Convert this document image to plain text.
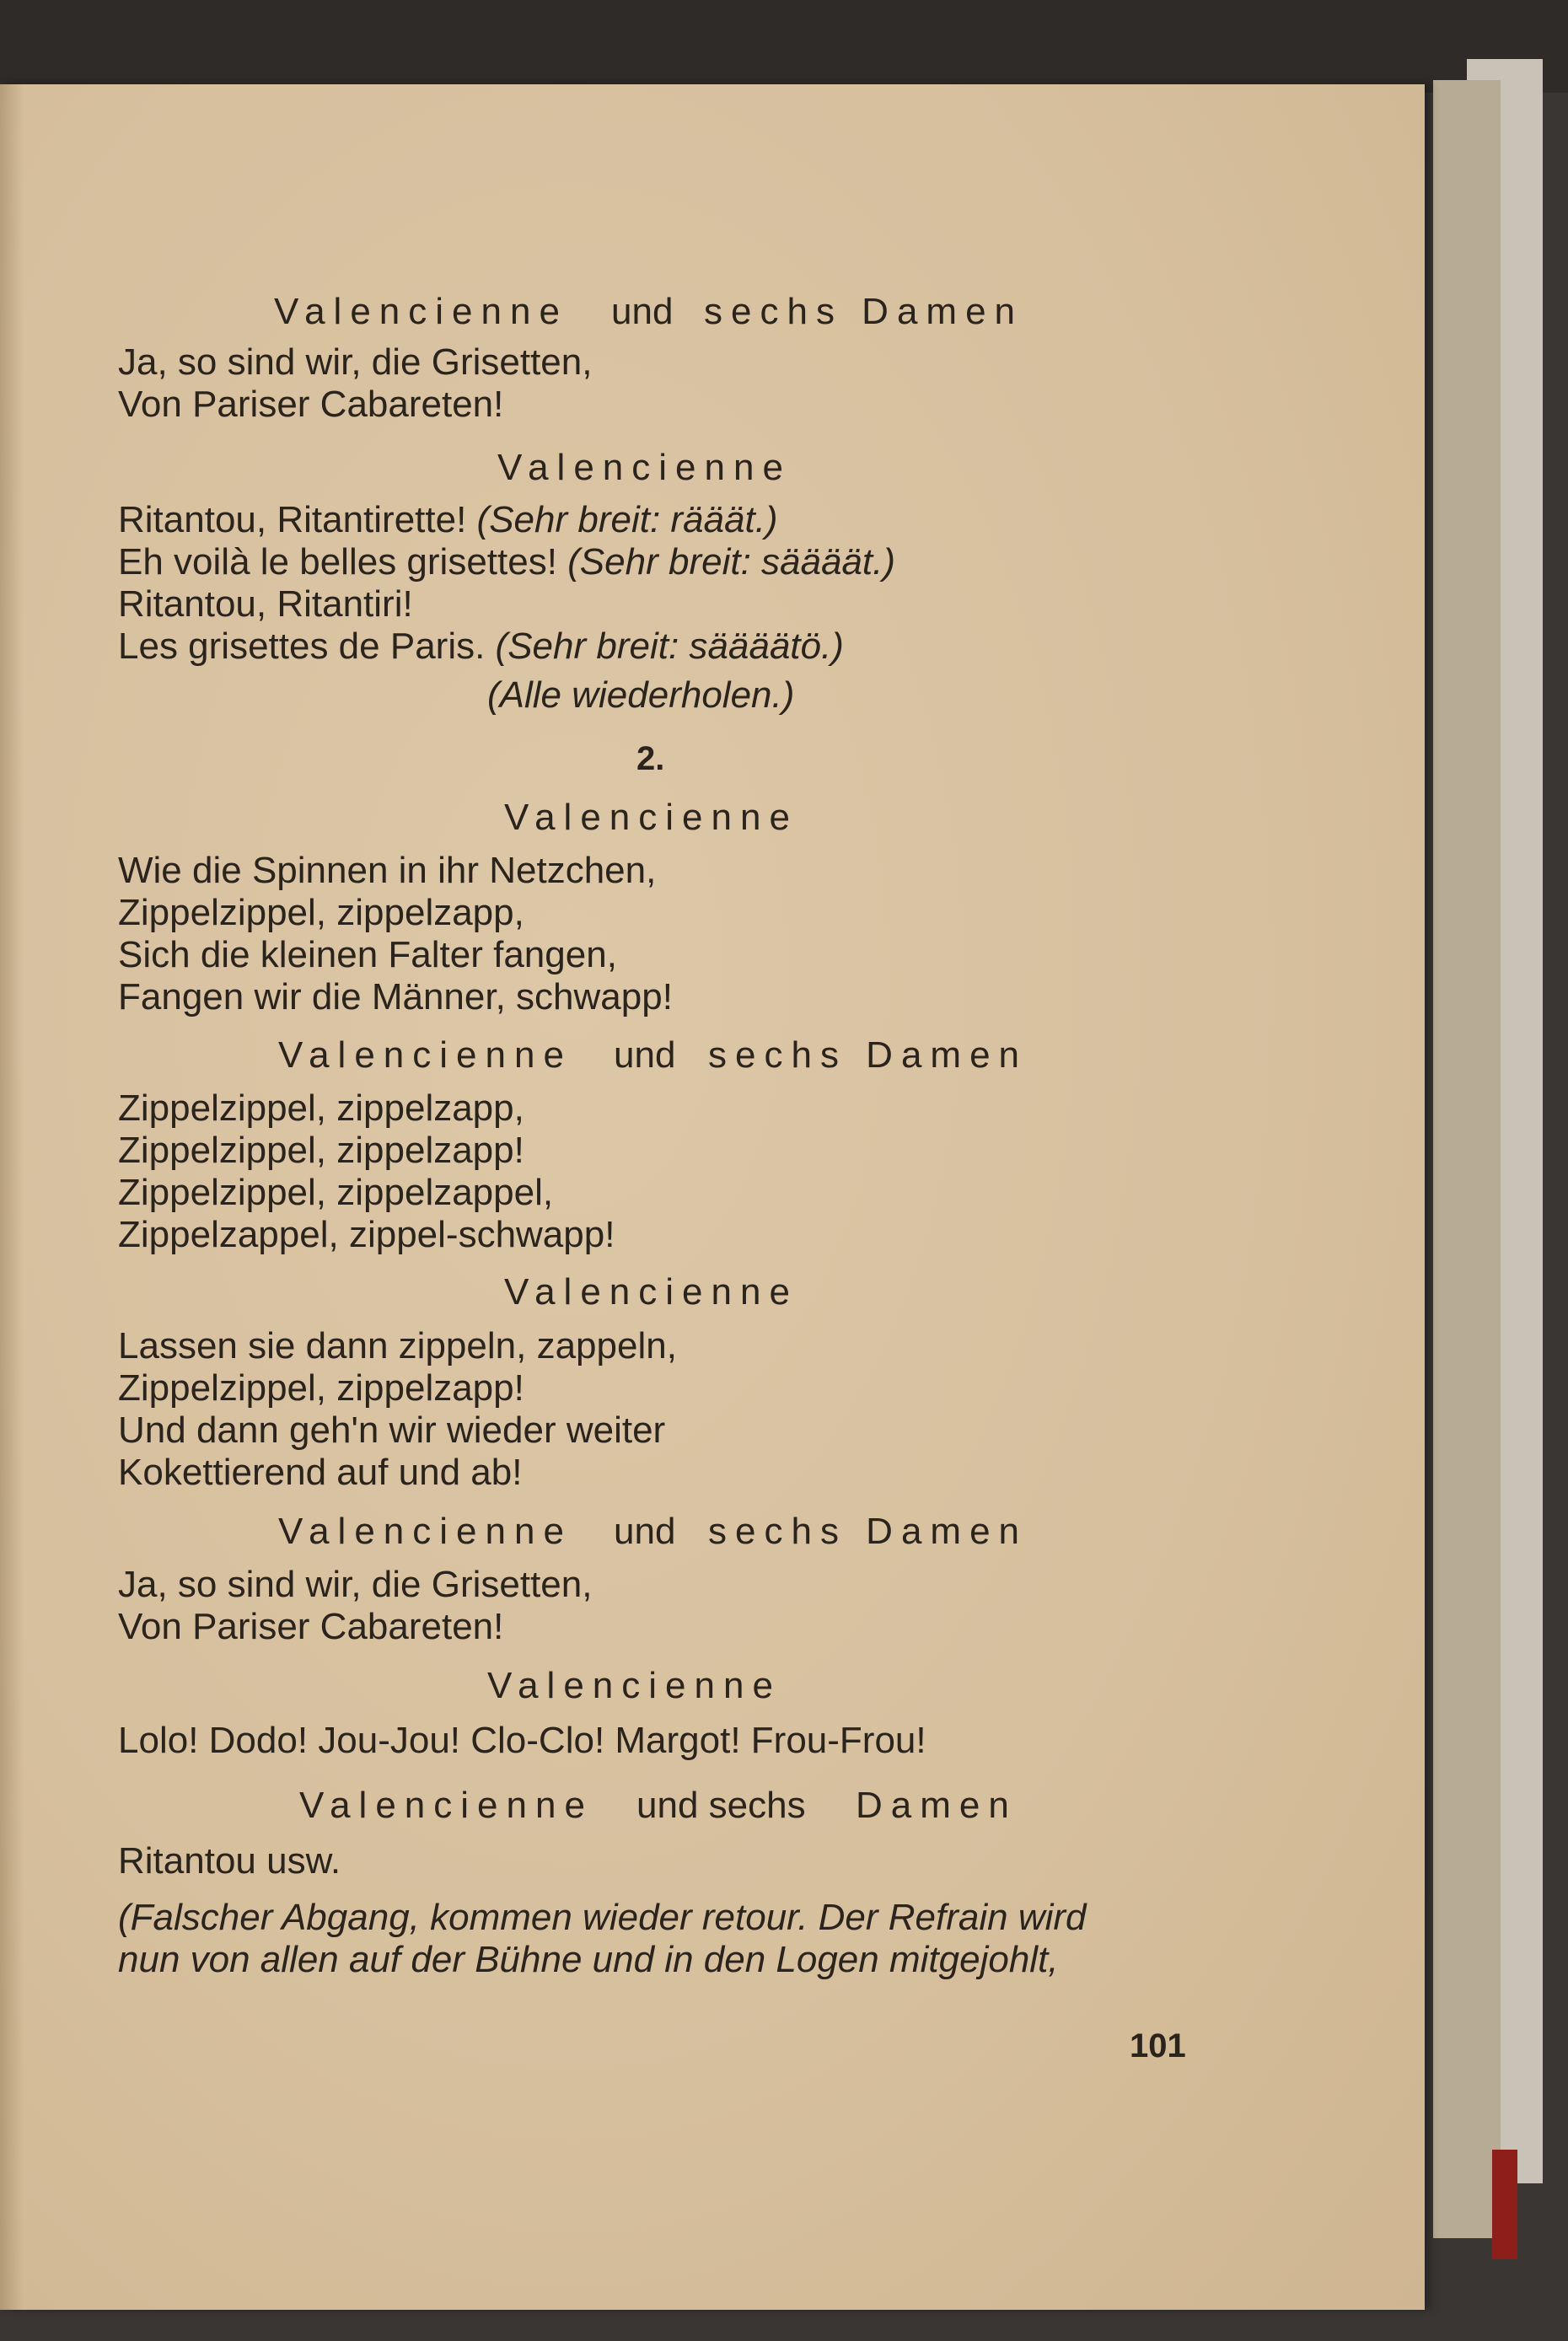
Valencienne und sechs Damen
Ja, so sind wir, die Grisetten,
Von Pariser Cabareten!
Valencienne
Ritantou, Ritantirette! (Sehr breit: rääät.)
Eh voilà le belles grisettes! (Sehr breit: säääät.)
Ritantou, Ritantiri!
Les grisettes de Paris. (Sehr breit: säääätö.)
(Alle wiederholen.)
2.
Valencienne
Wie die Spinnen in ihr Netzchen,
Zippelzippel, zippelzapp,
Sich die kleinen Falter fangen,
Fangen wir die Männer, schwapp!
Valencienne und sechs Damen
Zippelzippel, zippelzapp,
Zippelzippel, zippelzapp!
Zippelzippel, zippelzappel,
Zippelzappel, zippel-schwapp!
Valencienne
Lassen sie dann zippeln, zappeln,
Zippelzippel, zippelzapp!
Und dann geh'n wir wieder weiter
Kokettierend auf und ab!
Valencienne und sechs Damen
Ja, so sind wir, die Grisetten,
Von Pariser Cabareten!
Valencienne
Lolo! Dodo! Jou-Jou! Clo-Clo! Margot! Frou-Frou!
Valencienne und sechs Damen
Ritantou usw.
(Falscher Abgang, kommen wieder retour. Der Refrain wird
nun von allen auf der Bühne und in den Logen mitgejohlt,
101
